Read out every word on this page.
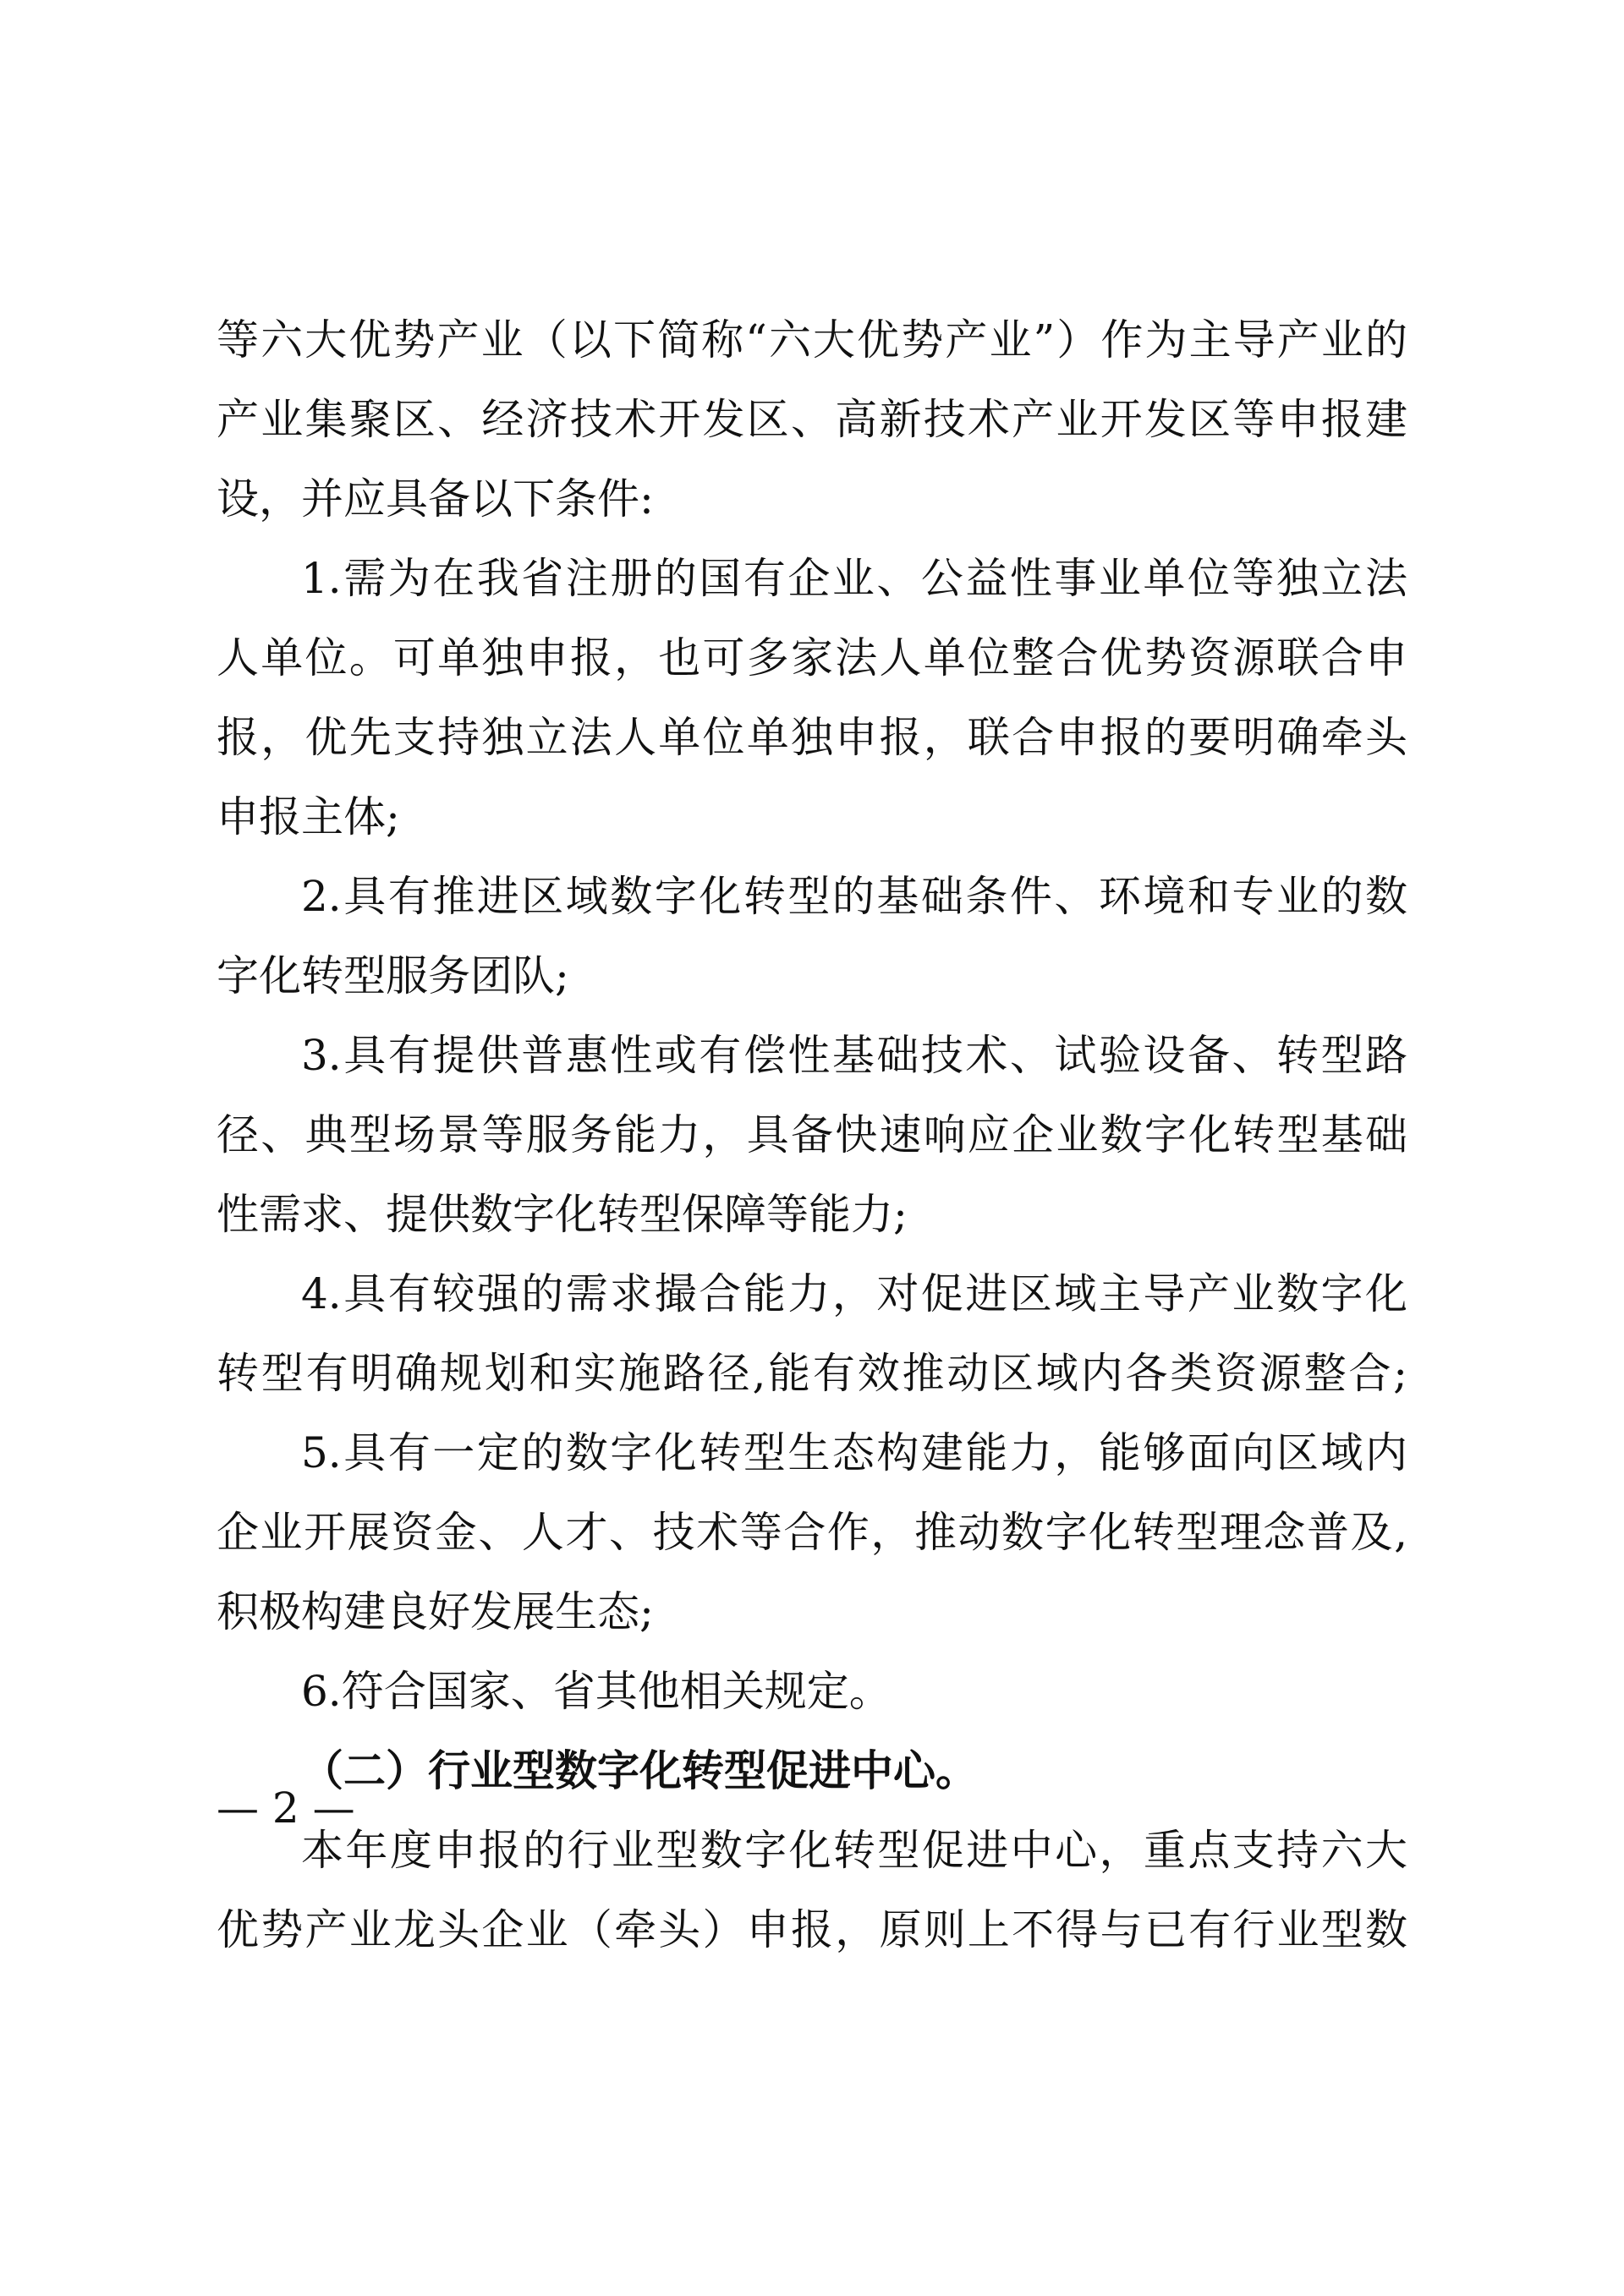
等六大优势产业（以下简称“六大优势产业”）作为主导产业的
产业集聚区、经济技术开发区、高新技术产业开发区等申报建
设，并应具备以下条件:
1.需为在我省注册的国有企业、公益性事业单位等独立法
人单位。可单独申报，也可多家法人单位整合优势资源联合申
报，优先支持独立法人单位单独申报，联合申报的要明确牵头
申报主体;
2.具有推进区域数字化转型的基础条件、环境和专业的数
字化转型服务团队;
3.具有提供普惠性或有偿性基础技术、试验设备、转型路
径、典型场景等服务能力，具备快速响应企业数字化转型基础
性需求、提供数字化转型保障等能力;
4.具有较强的需求撮合能力，对促进区域主导产业数字化
转型有明确规划和实施路径,能有效推动区域内各类资源整合;
5.具有一定的数字化转型生态构建能力，能够面向区域内
企业开展资金、人才、技术等合作，推动数字化转型理念普及,
积极构建良好发展生态;
6.符合国家、省其他相关规定。
（二）行业型数字化转型促进中心。
本年度申报的行业型数字化转型促进中心，重点支持六大
优势产业龙头企业（牵头）申报，原则上不得与已有行业型数
— 2 —
